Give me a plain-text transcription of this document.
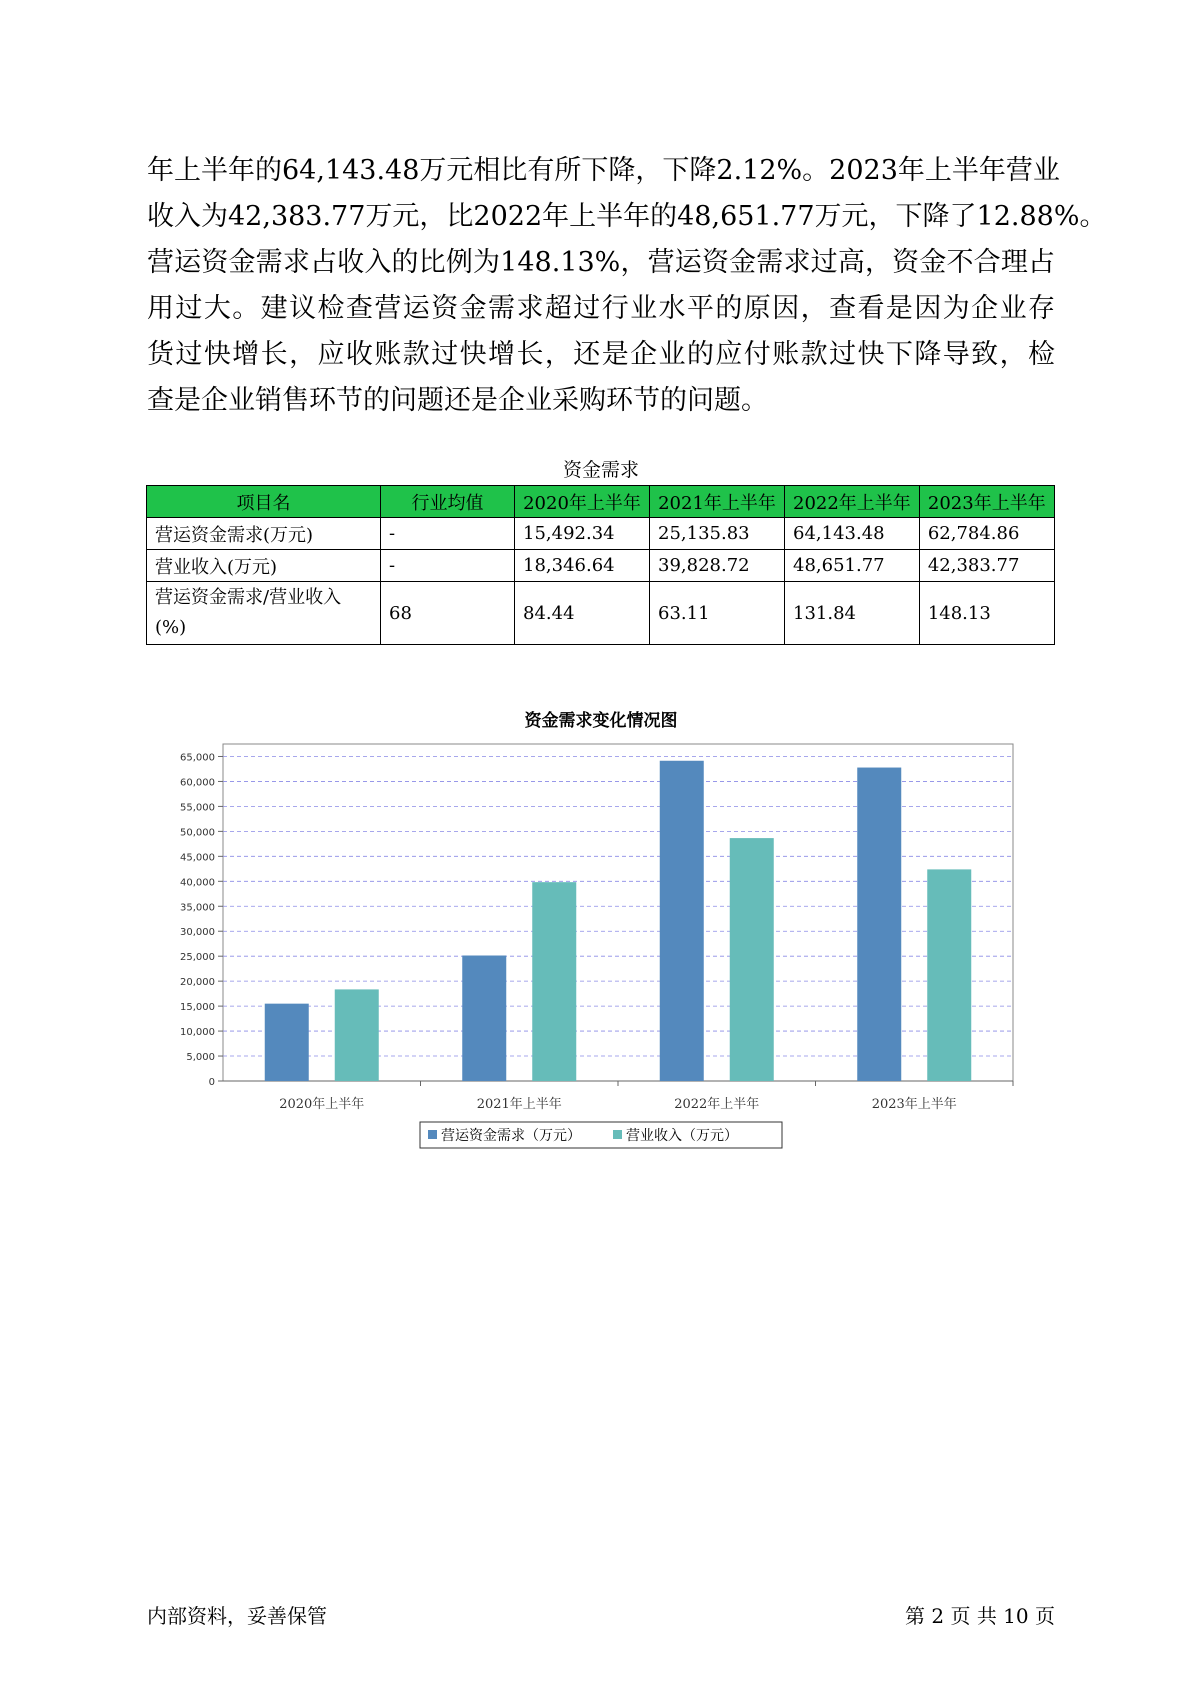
年上半年的64,143.48万元相比有所下降，下降2.12%。2023年上半年营业
收入为42,383.77万元，比2022年上半年的48,651.77万元，下降了12.88%。
营运资金需求占收入的比例为148.13%，营运资金需求过高，资金不合理占
用过大。建议检查营运资金需求超过行业水平的原因，查看是因为企业存
货过快增长，应收账款过快增长，还是企业的应付账款过快下降导致，检
查是企业销售环节的问题还是企业采购环节的问题。
资金需求
项目名	行业均值	2020年上半年	2021年上半年	2022年上半年	2023年上半年
营运资金需求(万元)	-	15,492.34	25,135.83	64,143.48	62,784.86
营业收入(万元)	-	18,346.64	39,828.72	48,651.77	42,383.77
营运资金需求/营业收入(%)	68	84.44	63.11	131.84	148.13
资金需求变化情况图
0
5,000
10,000
15,000
20,000
25,000
30,000
35,000
40,000
45,000
50,000
55,000
60,000
65,000
2020年上半年	2021年上半年	2022年上半年	2023年上半年
营运资金需求（万元）	营业收入（万元）
内部资料，妥善保管	第 2 页 共 10 页
